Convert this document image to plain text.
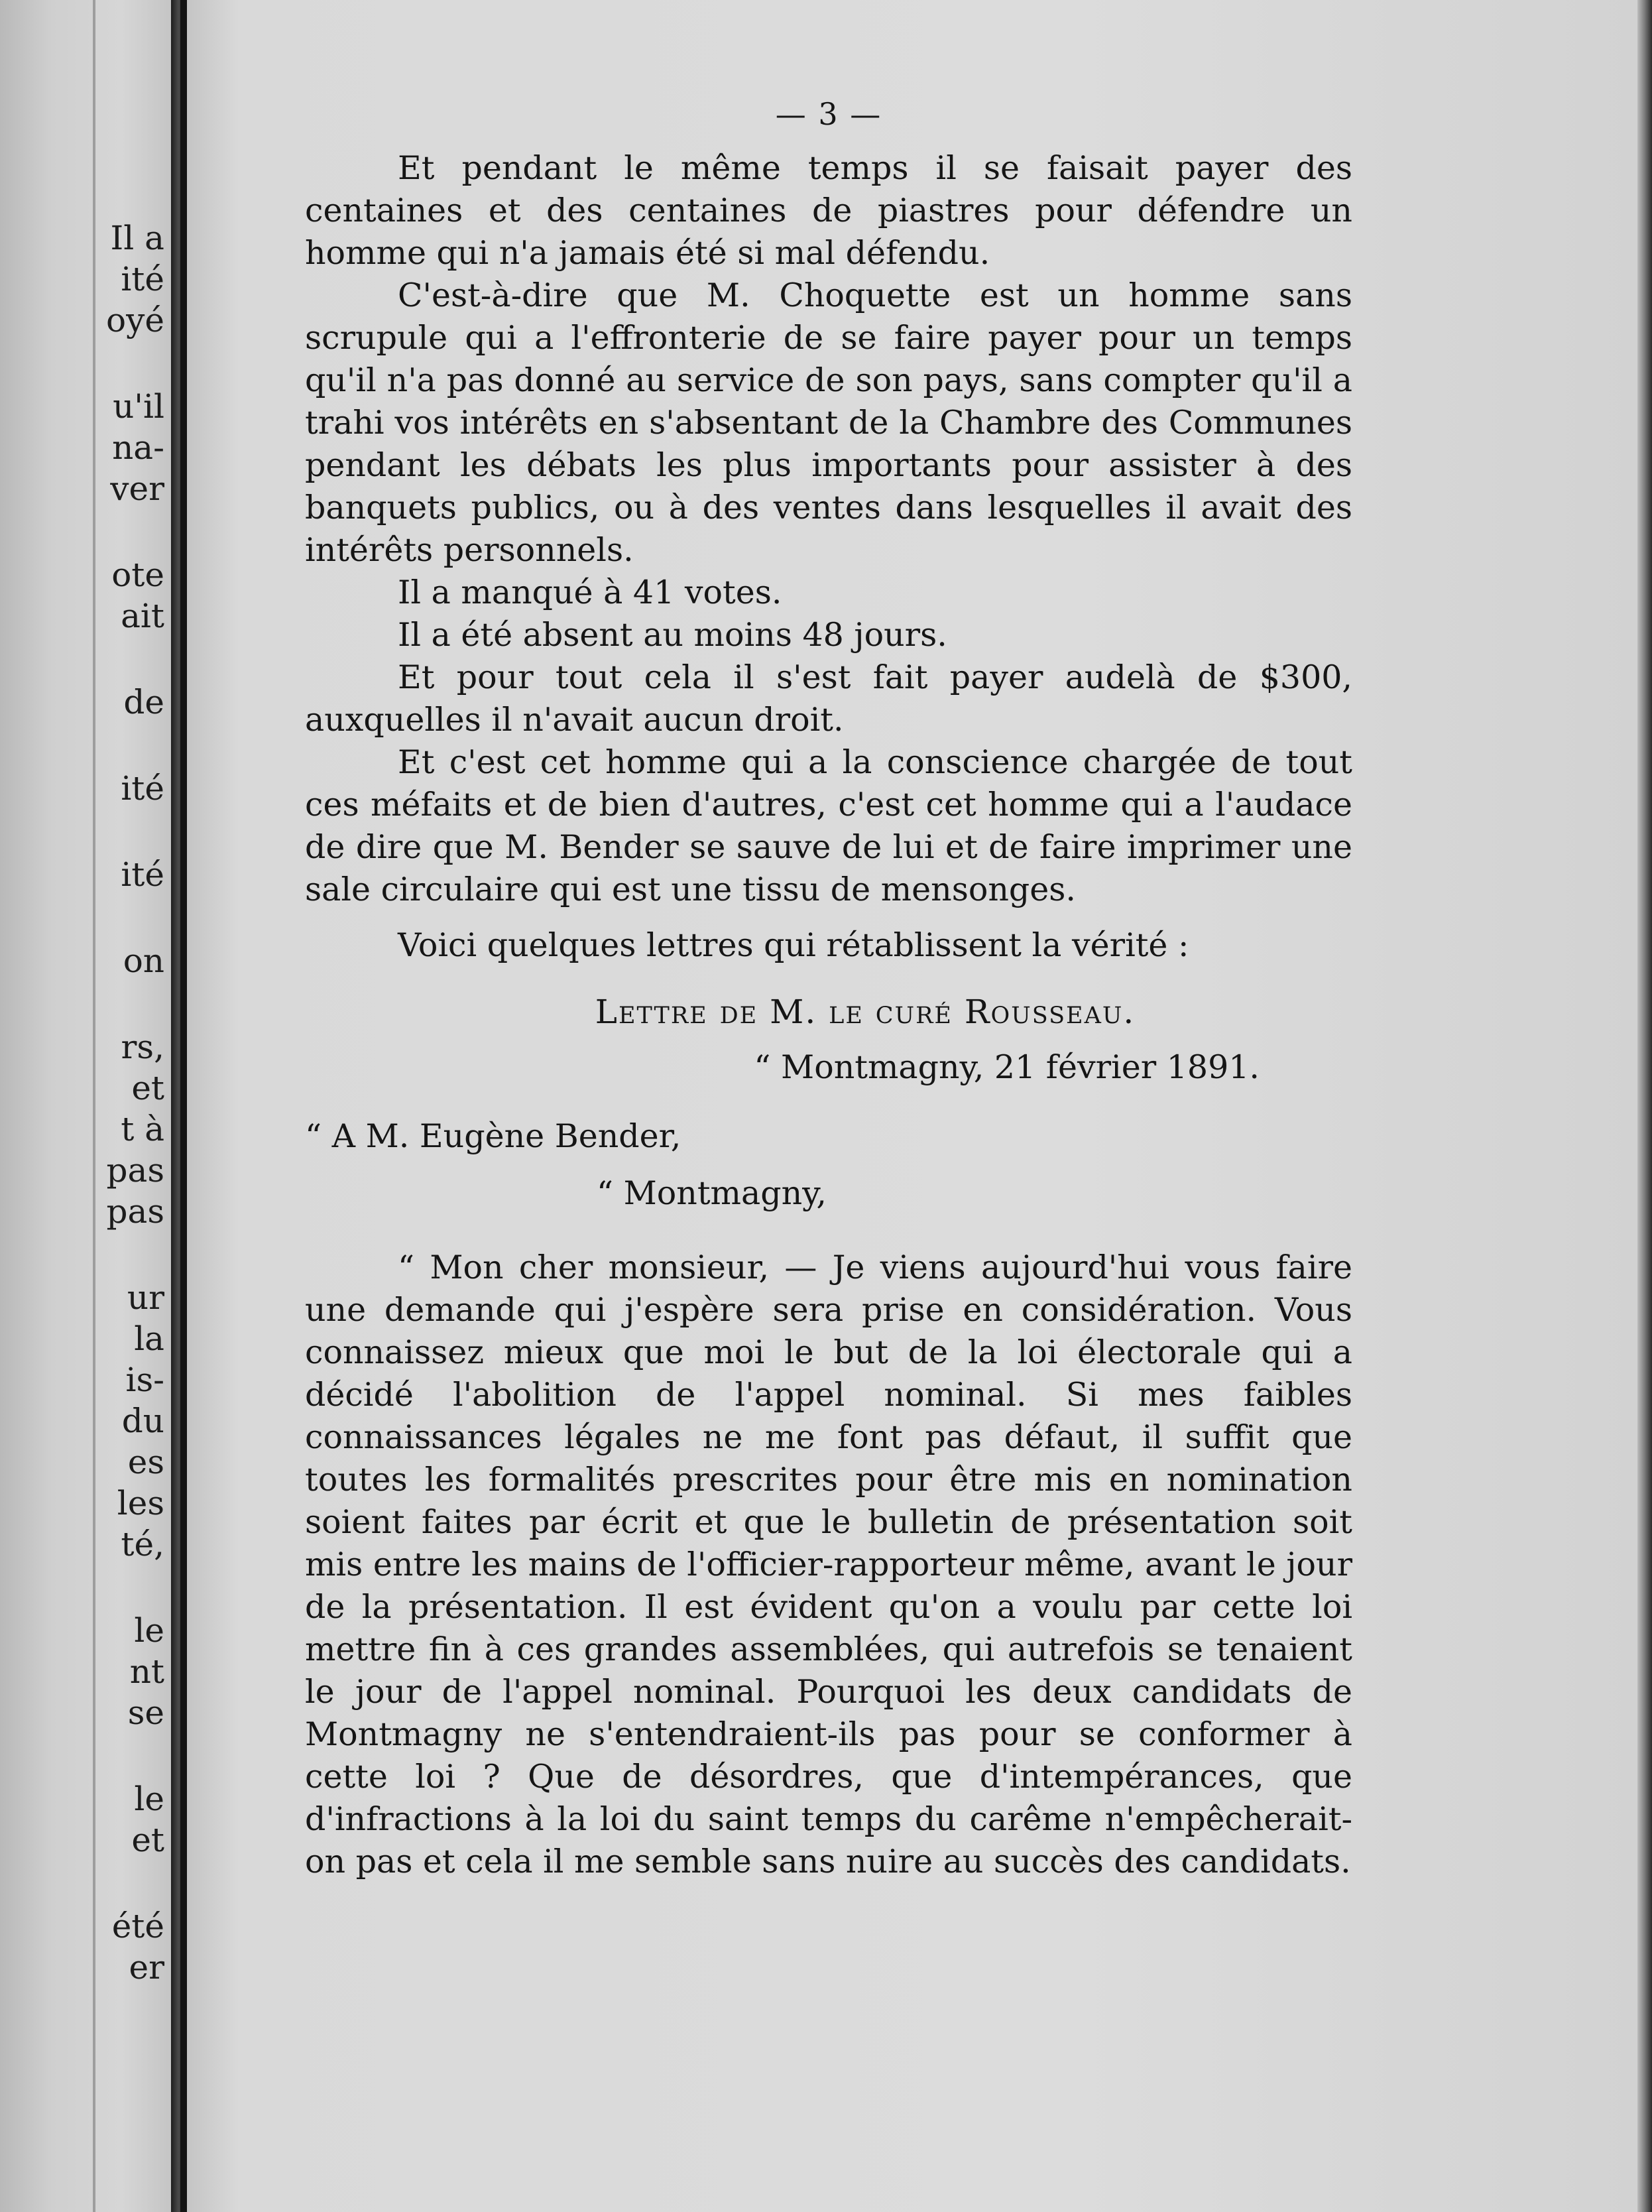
Il a
ité
oyé
u'il
na-
ver
ote
ait
de
ité
ité
on
rs,
et
t à
pas
pas
ur
la
is-
du
es
les
té,
le
nt
se
le
et
été
er
— 3 —

Et pendant le même temps il se faisait payer des centaines et des centaines de piastres pour défendre un homme qui n'a jamais été si mal défendu.

C'est-à-dire que M. Choquette est un homme sans scrupule qui a l'effronterie de se faire payer pour un temps qu'il n'a pas donné au service de son pays, sans compter qu'il a trahi vos intérêts en s'absentant de la Chambre des Communes pendant les débats les plus importants pour assister à des banquets publics, ou à des ventes dans lesquelles il avait des intérêts personnels.

Il a manqué à 41 votes.

Il a été absent au moins 48 jours.

Et pour tout cela il s'est fait payer audelà de $300, auxquelles il n'avait aucun droit.

Et c'est cet homme qui a la conscience chargée de tout ces méfaits et de bien d'autres, c'est cet homme qui a l'audace de dire que M. Bender se sauve de lui et de faire imprimer une sale circulaire qui est une tissu de mensonges.

Voici quelques lettres qui rétablissent la vérité :

Lettre de M. le curé Rousseau.
“ Montmagny, 21 février 1891.
“ A M. Eugène Bender,
“ Montmagny,

“ Mon cher monsieur, — Je viens aujourd'hui vous faire une demande qui j'espère sera prise en considération. Vous connaissez mieux que moi le but de la loi électorale qui a décidé l'abolition de l'appel nominal. Si mes faibles connaissances légales ne me font pas défaut, il suffit que toutes les formalités prescrites pour être mis en nomination soient faites par écrit et que le bulletin de présentation soit mis entre les mains de l'officier-rapporteur même, avant le jour de la présentation. Il est évident qu'on a voulu par cette loi mettre fin à ces grandes assemblées, qui autrefois se tenaient le jour de l'appel nominal. Pourquoi les deux candidats de Montmagny ne s'entendraient-ils pas pour se conformer à cette loi ? Que de désordres, que d'intempérances, que d'infractions à la loi du saint temps du carême n'empêcherait-on pas et cela il me semble sans nuire au succès des candidats.
